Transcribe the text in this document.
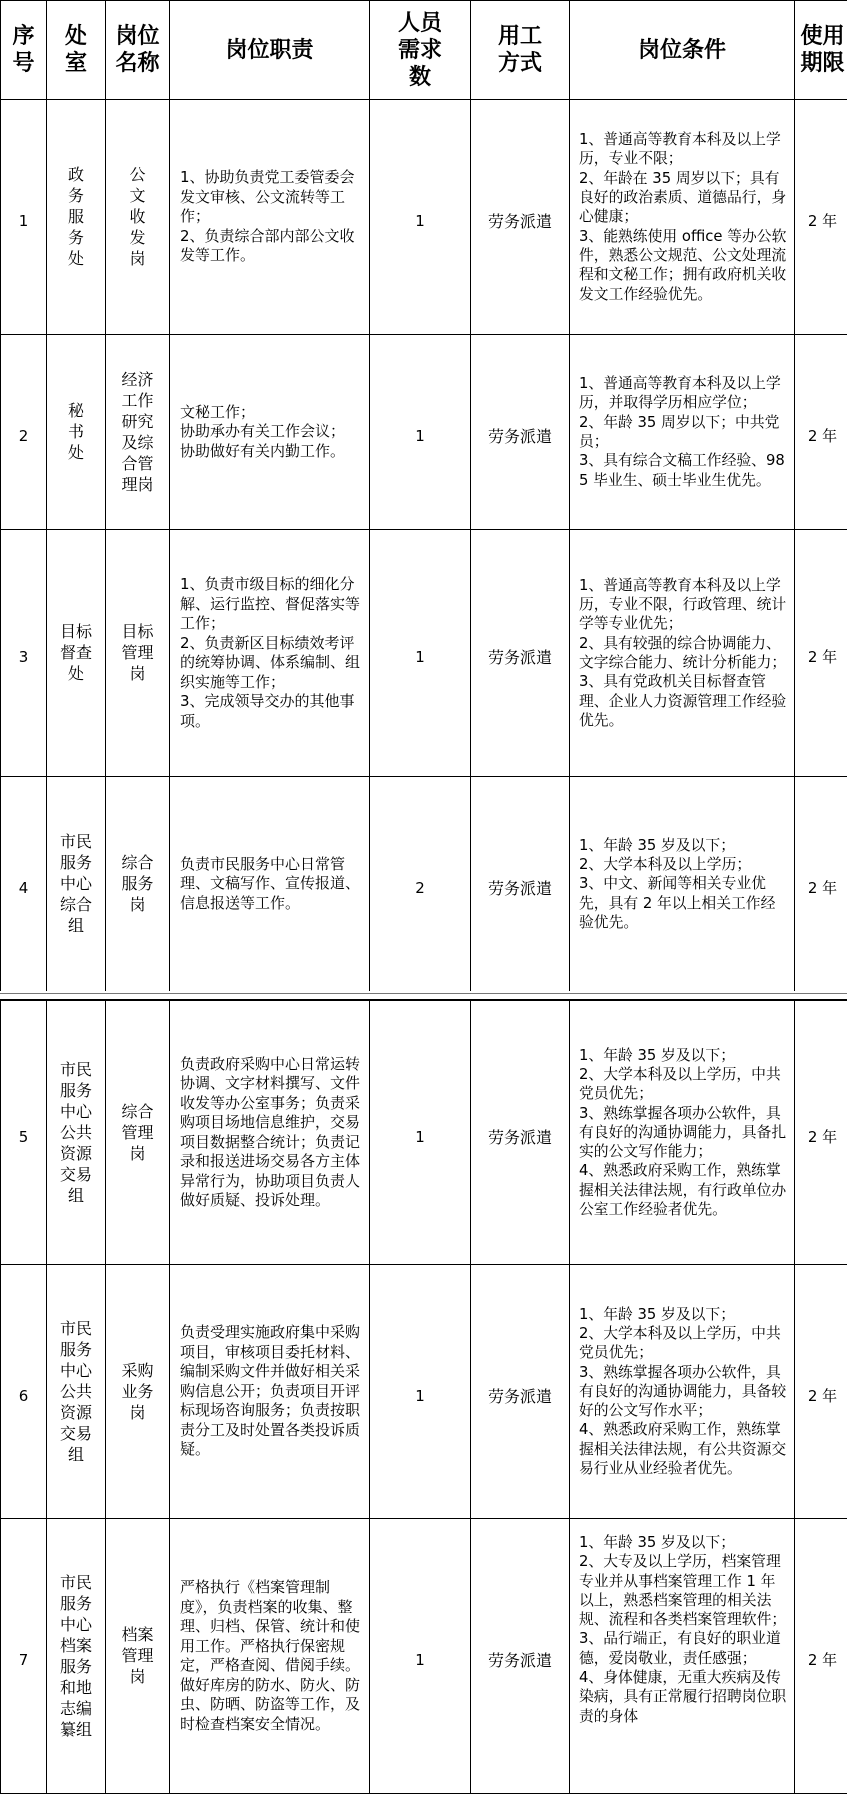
序号	处室	岗位名称	岗位职责	人员需求数	用工方式	岗位条件	使用期限
1	政务服务处	公文收发岗	1、协助负责党工委管委会发文审核、公文流转等工作；
2、负责综合部内部公文收发等工作。	1	劳务派遣	1、普通高等教育本科及以上学历，专业不限；
2、年龄在 35 周岁以下；具有良好的政治素质、道德品行，身心健康；
3、能熟练使用 office 等办公软件，熟悉公文规范、公文处理流程和文秘工作；拥有政府机关收发文工作经验优先。	2 年
2	秘书处	经济工作研究及综合管理岗	文秘工作；
协助承办有关工作会议；
协助做好有关内勤工作。	1	劳务派遣	1、普通高等教育本科及以上学历，并取得学历相应学位；
2、年龄 35 周岁以下；中共党员；
3、具有综合文稿工作经验、985 毕业生、硕士毕业生优先。	2 年
3	目标督查处	目标管理岗	1、负责市级目标的细化分解、运行监控、督促落实等工作；
2、负责新区目标绩效考评的统筹协调、体系编制、组织实施等工作；
3、完成领导交办的其他事项。	1	劳务派遣	1、普通高等教育本科及以上学历，专业不限，行政管理、统计学等专业优先；
2、具有较强的综合协调能力、文字综合能力、统计分析能力；
3、具有党政机关目标督查管理、企业人力资源管理工作经验优先。	2 年
4	市民服务中心综合组	综合服务岗	负责市民服务中心日常管理、文稿写作、宣传报道、信息报送等工作。	2	劳务派遣	1、年龄 35 岁及以下；
2、大学本科及以上学历；
3、中文、新闻等相关专业优先，具有 2 年以上相关工作经验优先。	2 年
5	市民服务中心公共资源交易组	综合管理岗	负责政府采购中心日常运转协调、文字材料撰写、文件收发等办公室事务；负责采购项目场地信息维护，交易项目数据整合统计；负责记录和报送进场交易各方主体异常行为，协助项目负责人做好质疑、投诉处理。	1	劳务派遣	1、年龄 35 岁及以下；
2、大学本科及以上学历，中共党员优先；
3、熟练掌握各项办公软件，具有良好的沟通协调能力，具备扎实的公文写作能力；
4、熟悉政府采购工作，熟练掌握相关法律法规，有行政单位办公室工作经验者优先。	2 年
6	市民服务中心公共资源交易组	采购业务岗	负责受理实施政府集中采购项目，审核项目委托材料、编制采购文件并做好相关采购信息公开；负责项目开评标现场咨询服务；负责按职责分工及时处置各类投诉质疑。	1	劳务派遣	1、年龄 35 岁及以下；
2、大学本科及以上学历，中共党员优先；
3、熟练掌握各项办公软件，具有良好的沟通协调能力，具备较好的公文写作水平；
4、熟悉政府采购工作，熟练掌握相关法律法规，有公共资源交易行业从业经验者优先。	2 年
7	市民服务中心档案服务和地志编纂组	档案管理岗	严格执行《档案管理制度》，负责档案的收集、整理、归档、保管、统计和使用工作。严格执行保密规定，严格查阅、借阅手续。做好库房的防水、防火、防虫、防晒、防盗等工作，及时检查档案安全情况。	1	劳务派遣	1、年龄 35 岁及以下；
2、大专及以上学历，档案管理专业并从事档案管理工作 1 年以上，熟悉档案管理的相关法规、流程和各类档案管理软件；
3、品行端正，有良好的职业道德，爱岗敬业，责任感强；
4、身体健康，无重大疾病及传染病，具有正常履行招聘岗位职责的身体	2 年
